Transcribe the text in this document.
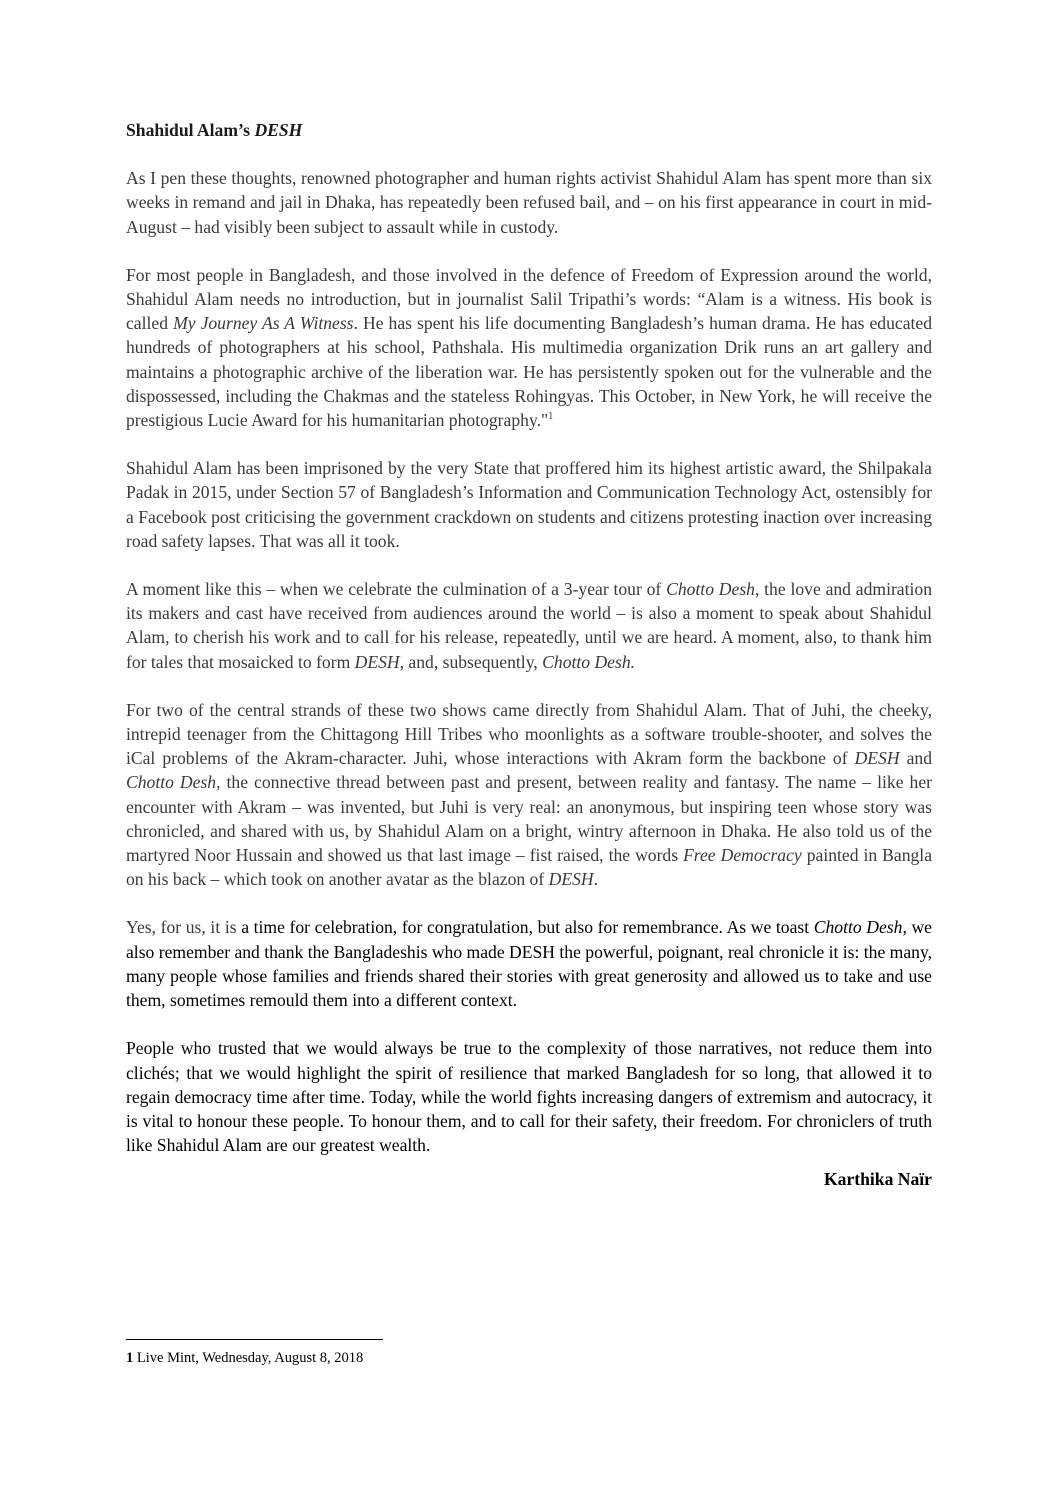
Shahidul Alam’s DESH

As I pen these thoughts, renowned photographer and human rights activist Shahidul Alam has spent more than six weeks in remand and jail in Dhaka, has repeatedly been refused bail, and – on his first appearance in court in mid-August – had visibly been subject to assault while in custody.

For most people in Bangladesh, and those involved in the defence of Freedom of Expression around the world, Shahidul Alam needs no introduction, but in journalist Salil Tripathi’s words: “Alam is a witness. His book is called My Journey As A Witness. He has spent his life documenting Bangladesh’s human drama. He has educated hundreds of photographers at his school, Pathshala. His multimedia organization Drik runs an art gallery and maintains a photographic archive of the liberation war. He has persistently spoken out for the vulnerable and the dispossessed, including the Chakmas and the stateless Rohingyas. This October, in New York, he will receive the prestigious Lucie Award for his humanitarian photography."$^1$

Shahidul Alam has been imprisoned by the very State that proffered him its highest artistic award, the Shilpakala Padak in 2015, under Section 57 of Bangladesh’s Information and Communication Technology Act, ostensibly for a Facebook post criticising the government crackdown on students and citizens protesting inaction over increasing road safety lapses. That was all it took.

A moment like this – when we celebrate the culmination of a 3-year tour of Chotto Desh, the love and admiration its makers and cast have received from audiences around the world – is also a moment to speak about Shahidul Alam, to cherish his work and to call for his release, repeatedly, until we are heard. A moment, also, to thank him for tales that mosaicked to form DESH, and, subsequently, Chotto Desh.

For two of the central strands of these two shows came directly from Shahidul Alam. That of Juhi, the cheeky, intrepid teenager from the Chittagong Hill Tribes who moonlights as a software trouble-shooter, and solves the iCal problems of the Akram-character. Juhi, whose interactions with Akram form the backbone of DESH and Chotto Desh, the connective thread between past and present, between reality and fantasy. The name – like her encounter with Akram – was invented, but Juhi is very real: an anonymous, but inspiring teen whose story was chronicled, and shared with us, by Shahidul Alam on a bright, wintry afternoon in Dhaka. He also told us of the martyred Noor Hussain and showed us that last image – fist raised, the words Free Democracy painted in Bangla on his back – which took on another avatar as the blazon of DESH.

Yes, for us, it is a time for celebration, for congratulation, but also for remembrance. As we toast Chotto Desh, we also remember and thank the Bangladeshis who made DESH the powerful, poignant, real chronicle it is: the many, many people whose families and friends shared their stories with great generosity and allowed us to take and use them, sometimes remould them into a different context.

People who trusted that we would always be true to the complexity of those narratives, not reduce them into clichés; that we would highlight the spirit of resilience that marked Bangladesh for so long, that allowed it to regain democracy time after time. Today, while the world fights increasing dangers of extremism and autocracy, it is vital to honour these people. To honour them, and to call for their safety, their freedom. For chroniclers of truth like Shahidul Alam are our greatest wealth.

Karthika Naïr

1 Live Mint, Wednesday, August 8, 2018
